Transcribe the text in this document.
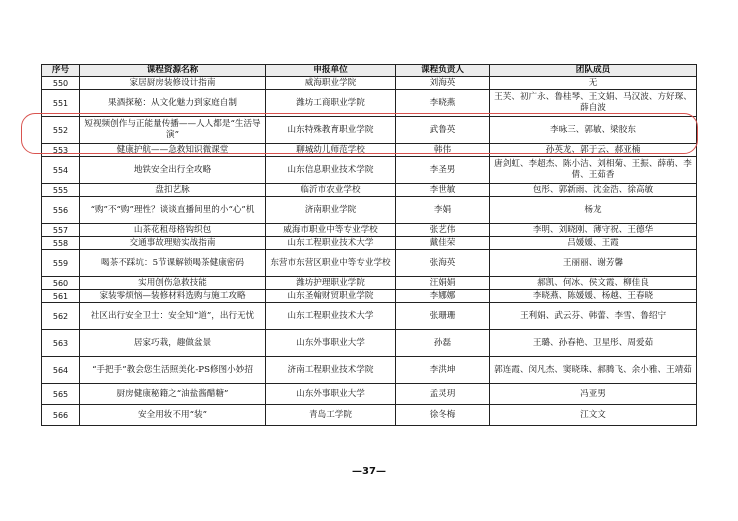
序号	课程资源名称	申报单位	课程负责人	团队成员
550	家居厨房装修设计指南	威海职业学院	刘海英	无
551	果酒探秘：从文化魅力到家庭自制	潍坊工商职业学院	李晓燕	王芙、初广永、鲁桂琴、王文娟、马汉波、方好琛、薛自波
552	短视频创作与正能量传播——人人都是“生活导演”	山东特殊教育职业学院	武鲁英	李咏三、郭敏、梁胶东
553	健康护航——急救知识微课堂	聊城幼儿师范学校	韩伟	孙英龙、郭于云、郝亚楠
554	地铁安全出行全攻略	山东信息职业技术学院	李圣男	唐剑虹、李超杰、陈小洁、刘相菊、王振、薛萌、李倩、王茹香
555	盘扣艺脉	临沂市农业学校	李世敏	包彤、郭新雨、沈金浩、徐高敏
556	“购”不“购”理性？谈谈直播间里的小“心”机	济南职业学院	李娟	杨龙
557	山茶花租母格钩织包	威海市职业中等专业学校	张艺伟	李明、刘晓刚、薄守祝、王德华
558	交通事故理赔实战指南	山东工程职业技术大学	戴佳荣	吕媛媛、王霞
559	喝茶不踩坑：5节课解锁喝茶健康密码	东营市东营区职业中等专业学校	张海英	王丽丽、谢芳馨
560	实用创伤急救技能	潍坊护理职业学院	汪娟娟	郝凯、何冰、侯文霞、柳佳良
561	家装零烦恼—装修材料选购与施工攻略	山东圣翰财贸职业学院	李娜娜	李晓燕、陈媛媛、杨越、王春晓
562	社区出行安全卫士：安全知“道”，出行无忧	山东工程职业技术大学	张珊珊	王利娟、武云芬、韩蕾、李雪、鲁绍宁
563	居家巧栽，趣做盆景	山东外事职业大学	孙磊	王璐、孙春艳、卫星彤、周爱茹
564	“手把手”教会您生活照美化-PS修图小妙招	济南工程职业技术学院	李洪坤	郭连霞、闵凡杰、窦晓珠、郝腾飞、余小雅、王靖茹
565	厨房健康秘籍之“油盐酱醋糖”	山东外事职业大学	孟灵玥	冯亚男
566	安全用妆不用“装”	青岛工学院	徐冬梅	江文文
—37—
